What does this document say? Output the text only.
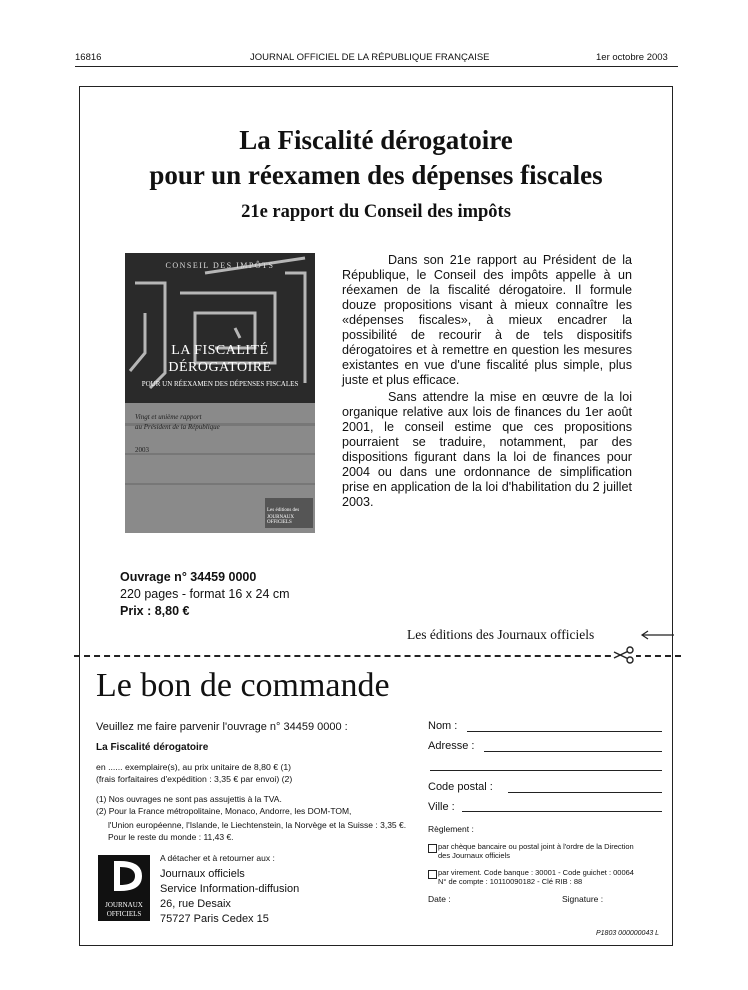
16816	JOURNAL OFFICIEL DE LA RÉPUBLIQUE FRANÇAISE	1er octobre 2003
La Fiscalité dérogatoire
pour un réexamen des dépenses fiscales
21e rapport du Conseil des impôts
CONSEIL DES IMPÔTS
LA FISCALITÉ
DÉROGATOIRE
POUR UN RÉEXAMEN DES DÉPENSES FISCALES
Vingt et unième rapport
au Président de la République
2003
Les éditions des
JOURNAUX OFFICIELS

Dans son 21e rapport au Président de la République, le Conseil des impôts appelle à un réexamen de la fiscalité dérogatoire. Il formule douze propositions visant à mieux connaître les «dépenses fiscales», à mieux encadrer la possibilité de recourir à de tels dispositifs dérogatoires et à remettre en question les mesures existantes en vue d'une fiscalité plus simple, plus juste et plus efficace.

Sans attendre la mise en œuvre de la loi organique relative aux lois de finances du 1er août 2001, le conseil estime que ces propositions pourraient se traduire, notamment, par des dispositions figurant dans la loi de finances pour 2004 ou dans une ordonnance de simplification prise en application de la loi d'habilitation du 2 juillet 2003.

Ouvrage n° 34459 0000
220 pages - format 16 x 24 cm
Prix : 8,80 €
Les éditions des Journaux officiels
Le bon de commande
Veuillez me faire parvenir l'ouvrage n° 34459 0000 :
La Fiscalité dérogatoire
en ...... exemplaire(s), au prix unitaire de 8,80 € (1)
(frais forfaitaires d'expédition : 3,35 € par envoi) (2)
(1) Nos ouvrages ne sont pas assujettis à la TVA.
(2) Pour la France métropolitaine, Monaco, Andorre, les DOM-TOM,
l'Union européenne, l'Islande, le Liechtenstein, la Norvège et la Suisse : 3,35 €.
Pour le reste du monde : 11,43 €.
JOURNAUX
OFFICIELS
A détacher et à retourner aux :
Journaux officiels
Service Information-diffusion
26, rue Desaix
75727 Paris Cedex 15
Nom :
Adresse :
Code postal :
Ville :
Règlement :
par chèque bancaire ou postal joint à l'ordre de la Direction
des Journaux officiels
par virement. Code banque : 30001 - Code guichet : 00064
N° de compte : 10110090182 - Clé RIB : 88
Date :	Signature :
P1803 000000043 L
